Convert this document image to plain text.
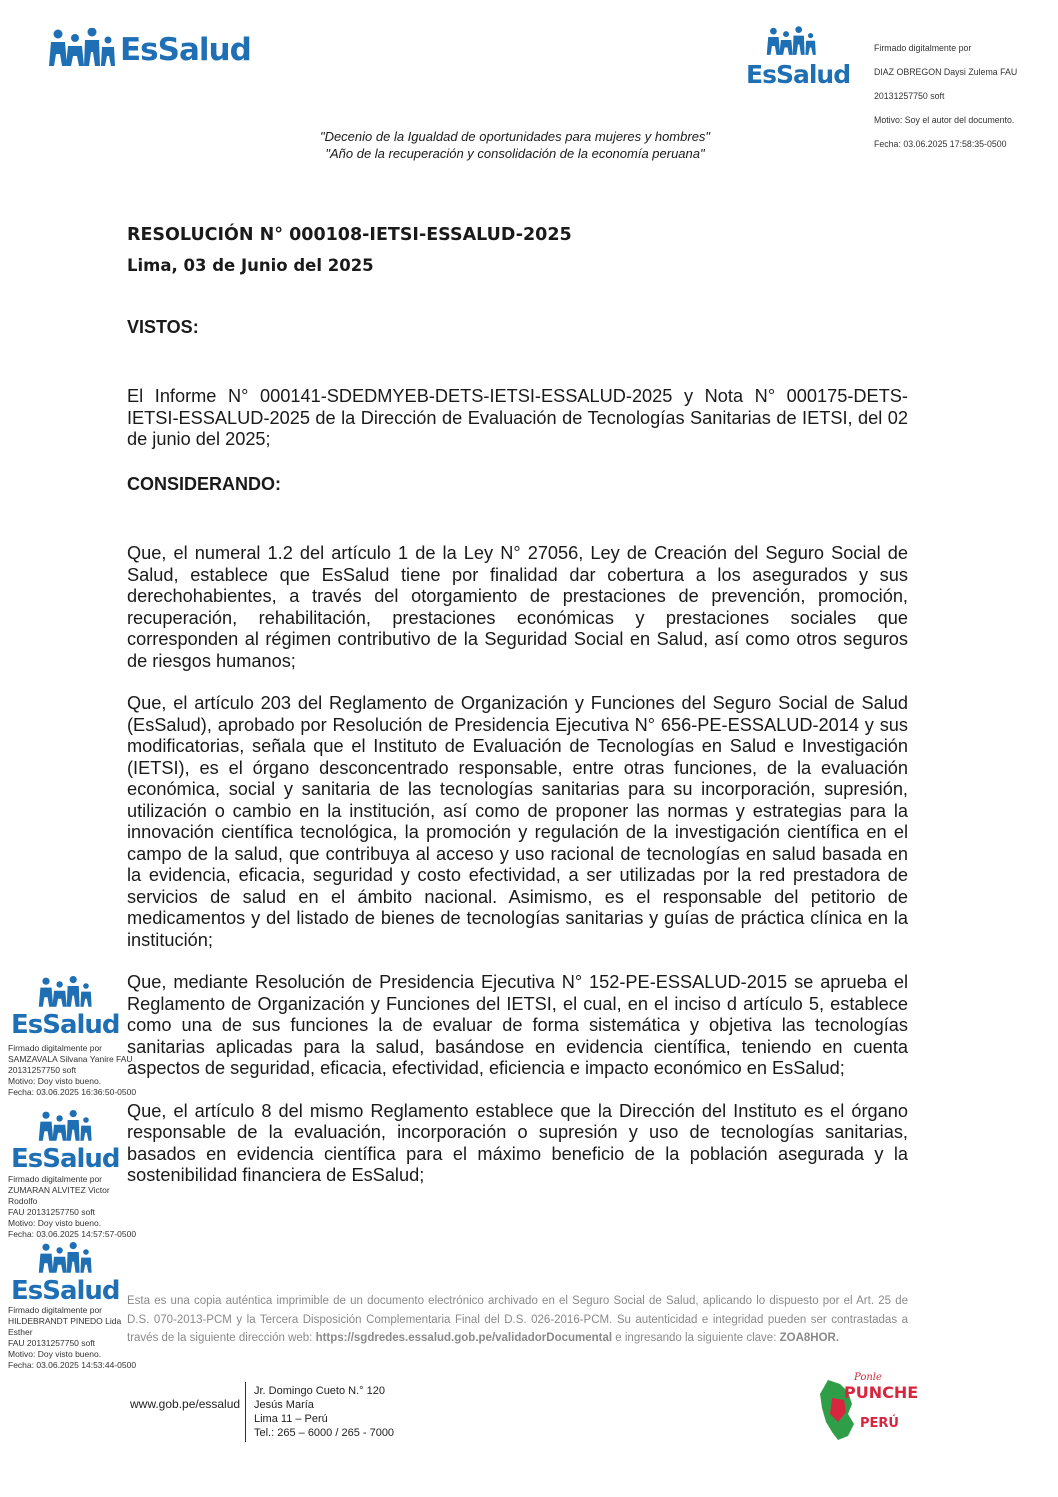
EsSalud
EsSalud

Firmado digitalmente por

DIAZ OBREGON Daysi Zulema FAU

20131257750 soft

Motivo: Soy el autor del documento.

Fecha: 03.06.2025 17:58:35-0500

"Decenio de la Igualdad de oportunidades para mujeres y hombres"
"Año de la recuperación y consolidación de la economía peruana"
RESOLUCIÓN N° 000108-IETSI-ESSALUD-2025
Lima, 03 de Junio del 2025
VISTOS:
El Informe N° 000141-SDEDMYEB-DETS-IETSI-ESSALUD-2025 y Nota N° 000175-DETS-IETSI-ESSALUD-2025 de la Dirección de Evaluación de Tecnologías Sanitarias de IETSI, del 02 de junio del 2025;
CONSIDERANDO:

Que, el numeral 1.2 del artículo 1 de la Ley N° 27056, Ley de Creación del Seguro Social de Salud, establece que EsSalud tiene por finalidad dar cobertura a los asegurados y sus derechohabientes, a través del otorgamiento de prestaciones de prevención, promoción, recuperación, rehabilitación, prestaciones económicas y prestaciones sociales que corresponden al régimen contributivo de la Seguridad Social en Salud, así como otros seguros de riesgos humanos;

Que, el artículo 203 del Reglamento de Organización y Funciones del Seguro Social de Salud (EsSalud), aprobado por Resolución de Presidencia Ejecutiva N° 656-PE-ESSALUD-2014 y sus modificatorias, señala que el Instituto de Evaluación de Tecnologías en Salud e Investigación (IETSI), es el órgano desconcentrado responsable, entre otras funciones, de la evaluación económica, social y sanitaria de las tecnologías sanitarias para su incorporación, supresión, utilización o cambio en la institución, así como de proponer las normas y estrategias para la innovación científica tecnológica, la promoción y regulación de la investigación científica en el campo de la salud, que contribuya al acceso y uso racional de tecnologías en salud basada en la evidencia, eficacia, seguridad y costo efectividad, a ser utilizadas por la red prestadora de servicios de salud en el ámbito nacional. Asimismo, es el responsable del petitorio de medicamentos y del listado de bienes de tecnologías sanitarias y guías de práctica clínica en la institución;

Que, mediante Resolución de Presidencia Ejecutiva N° 152-PE-ESSALUD-2015 se aprueba el Reglamento de Organización y Funciones del IETSI, el cual, en el inciso d artículo 5, establece como una de sus funciones la de evaluar de forma sistemática y objetiva las tecnologías sanitarias aplicadas para la salud, basándose en evidencia científica, teniendo en cuenta aspectos de seguridad, eficacia, efectividad, eficiencia e impacto económico en EsSalud;

Que, el artículo 8 del mismo Reglamento establece que la Dirección del Instituto es el órgano responsable de la evaluación, incorporación o supresión y uso de tecnologías sanitarias, basados en evidencia científica para el máximo beneficio de la población asegurada y la sostenibilidad financiera de EsSalud;

EsSalud
Firmado digitalmente por
SAMZAVALA Silvana Yanire FAU
20131257750 soft
Motivo: Doy visto bueno.
Fecha: 03.06.2025 16:36:50-0500
EsSalud
Firmado digitalmente por
ZUMARAN ALVITEZ Victor Rodolfo
FAU 20131257750 soft
Motivo: Doy visto bueno.
Fecha: 03.06.2025 14:57:57-0500
EsSalud
Firmado digitalmente por
HILDEBRANDT PINEDO Lida Esther
FAU 20131257750 soft
Motivo: Doy visto bueno.
Fecha: 03.06.2025 14:53:44-0500
Esta es una copia auténtica imprimible de un documento electrónico archivado en el Seguro Social de Salud, aplicando lo dispuesto por el Art. 25 de D.S. 070-2013-PCM y la Tercera Disposición Complementaria Final del D.S. 026-2016-PCM. Su autenticidad e integridad pueden ser contrastadas a través de la siguiente dirección web: https://sgdredes.essalud.gob.pe/validadorDocumental e ingresando la siguiente clave: ZOA8HOR.
www.gob.pe/essalud
Jr. Domingo Cueto N.° 120
Jesús María
Lima 11 – Perú
Tel.: 265 – 6000 / 265 - 7000
Ponle
PUNCHE
PERÚ
